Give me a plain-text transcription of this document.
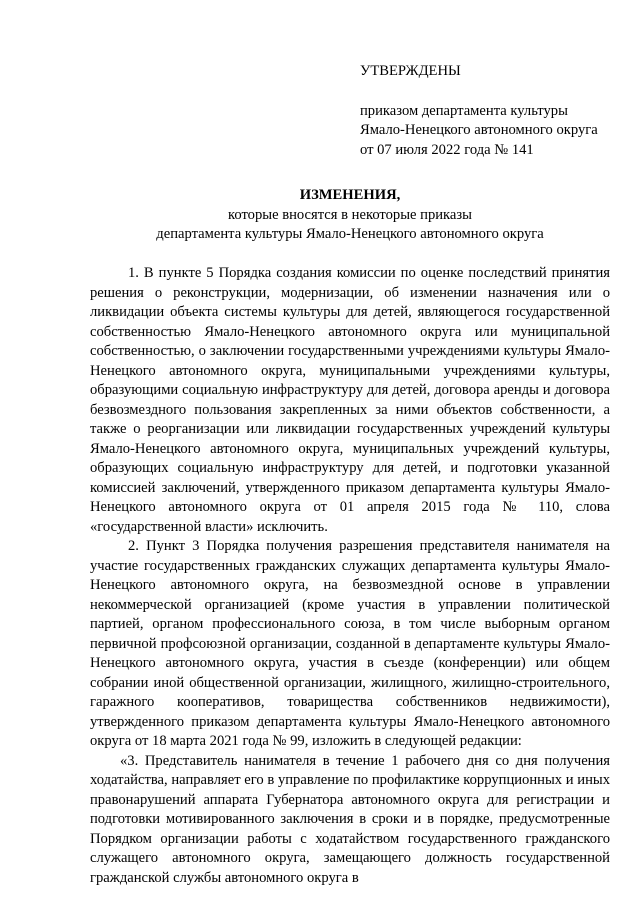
УТВЕРЖДЕНЫ
приказом департамента культуры
Ямало-Ненецкого автономного округа
от 07 июля 2022 года № 141
ИЗМЕНЕНИЯ,
которые вносятся в некоторые приказы
департамента культуры Ямало-Ненецкого автономного округа

1. В пункте 5 Порядка создания комиссии по оценке последствий принятия решения о реконструкции, модернизации, об изменении назначения или о ликвидации объекта системы культуры для детей, являющегося государственной собственностью Ямало-Ненецкого автономного округа или муниципальной собственностью, о заключении государственными учреждениями культуры Ямало-Ненецкого автономного округа, муниципальными учреждениями культуры, образующими социальную инфраструктуру для детей, договора аренды и договора безвозмездного пользования закрепленных за ними объектов собственности, а также о реорганизации или ликвидации государственных учреждений культуры Ямало-Ненецкого автономного округа, муниципальных учреждений культуры, образующих социальную инфраструктуру для детей, и подготовки указанной комиссией заключений, утвержденного приказом департамента культуры Ямало-Ненецкого автономного округа от 01 апреля 2015 года № 110, слова «государственной власти» исключить.

2. Пункт 3 Порядка получения разрешения представителя нанимателя на участие государственных гражданских служащих департамента культуры Ямало-Ненецкого автономного округа, на безвозмездной основе в управлении некоммерческой организацией (кроме участия в управлении политической партией, органом профессионального союза, в том числе выборным органом первичной профсоюзной организации, созданной в департаменте культуры Ямало-Ненецкого автономного округа, участия в съезде (конференции) или общем собрании иной общественной организации, жилищного, жилищно-строительного, гаражного кооперативов, товарищества собственников недвижимости), утвержденного приказом департамента культуры Ямало-Ненецкого автономного округа от 18 марта 2021 года № 99, изложить в следующей редакции:

«3. Представитель нанимателя в течение 1 рабочего дня со дня получения ходатайства, направляет его в управление по профилактике коррупционных и иных правонарушений аппарата Губернатора автономного округа для регистрации и подготовки мотивированного заключения в сроки и в порядке, предусмотренные Порядком организации работы с ходатайством государственного гражданского служащего автономного округа, замещающего должность государственной гражданской службы автономного округа в
